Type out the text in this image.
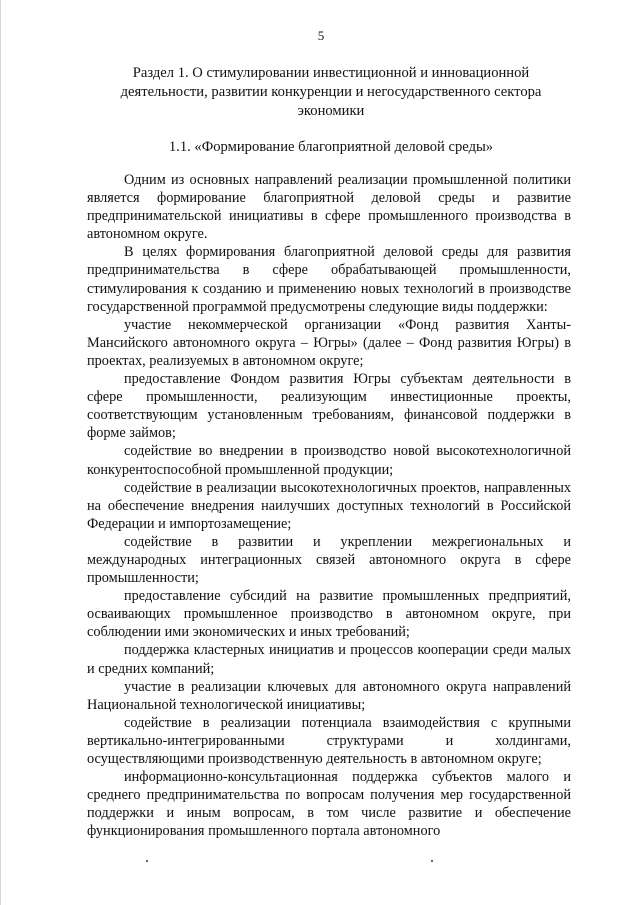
5
Раздел 1. О стимулировании инвестиционной и инновационной
деятельности, развитии конкуренции и негосударственного сектора
экономики
1.1. «Формирование благоприятной деловой среды»

Одним из основных направлений реализации промышленной политики является формирование благоприятной деловой среды и развитие предпринимательской инициативы в сфере промышленного производства в автономном округе.

В целях формирования благоприятной деловой среды для развития предпринимательства в сфере обрабатывающей промышленности, стимулирования к созданию и применению новых технологий в производстве государственной программой предусмотрены следующие виды поддержки:

участие некоммерческой организации «Фонд развития Ханты-Мансийского автономного округа – Югры» (далее – Фонд развития Югры) в проектах, реализуемых в автономном округе;

предоставление Фондом развития Югры субъектам деятельности в сфере промышленности, реализующим инвестиционные проекты, соответствующим установленным требованиям, финансовой поддержки в форме займов;

содействие во внедрении в производство новой высокотехнологичной конкурентоспособной промышленной продукции;

содействие в реализации высокотехнологичных проектов, направленных на обеспечение внедрения наилучших доступных технологий в Российской Федерации и импортозамещение;

содействие в развитии и укреплении межрегиональных и международных интеграционных связей автономного округа в сфере промышленности;

предоставление субсидий на развитие промышленных предприятий, осваивающих промышленное производство в автономном округе, при соблюдении ими экономических и иных требований;

поддержка кластерных инициатив и процессов кооперации среди малых и средних компаний;

участие в реализации ключевых для автономного округа направлений Национальной технологической инициативы;

содействие в реализации потенциала взаимодействия с крупными вертикально-интегрированными структурами и холдингами, осуществляющими производственную деятельность в автономном округе;

информационно-консультационная поддержка субъектов малого и среднего предпринимательства по вопросам получения мер государственной поддержки и иным вопросам, в том числе развитие и обеспечение функционирования промышленного портала автономного
